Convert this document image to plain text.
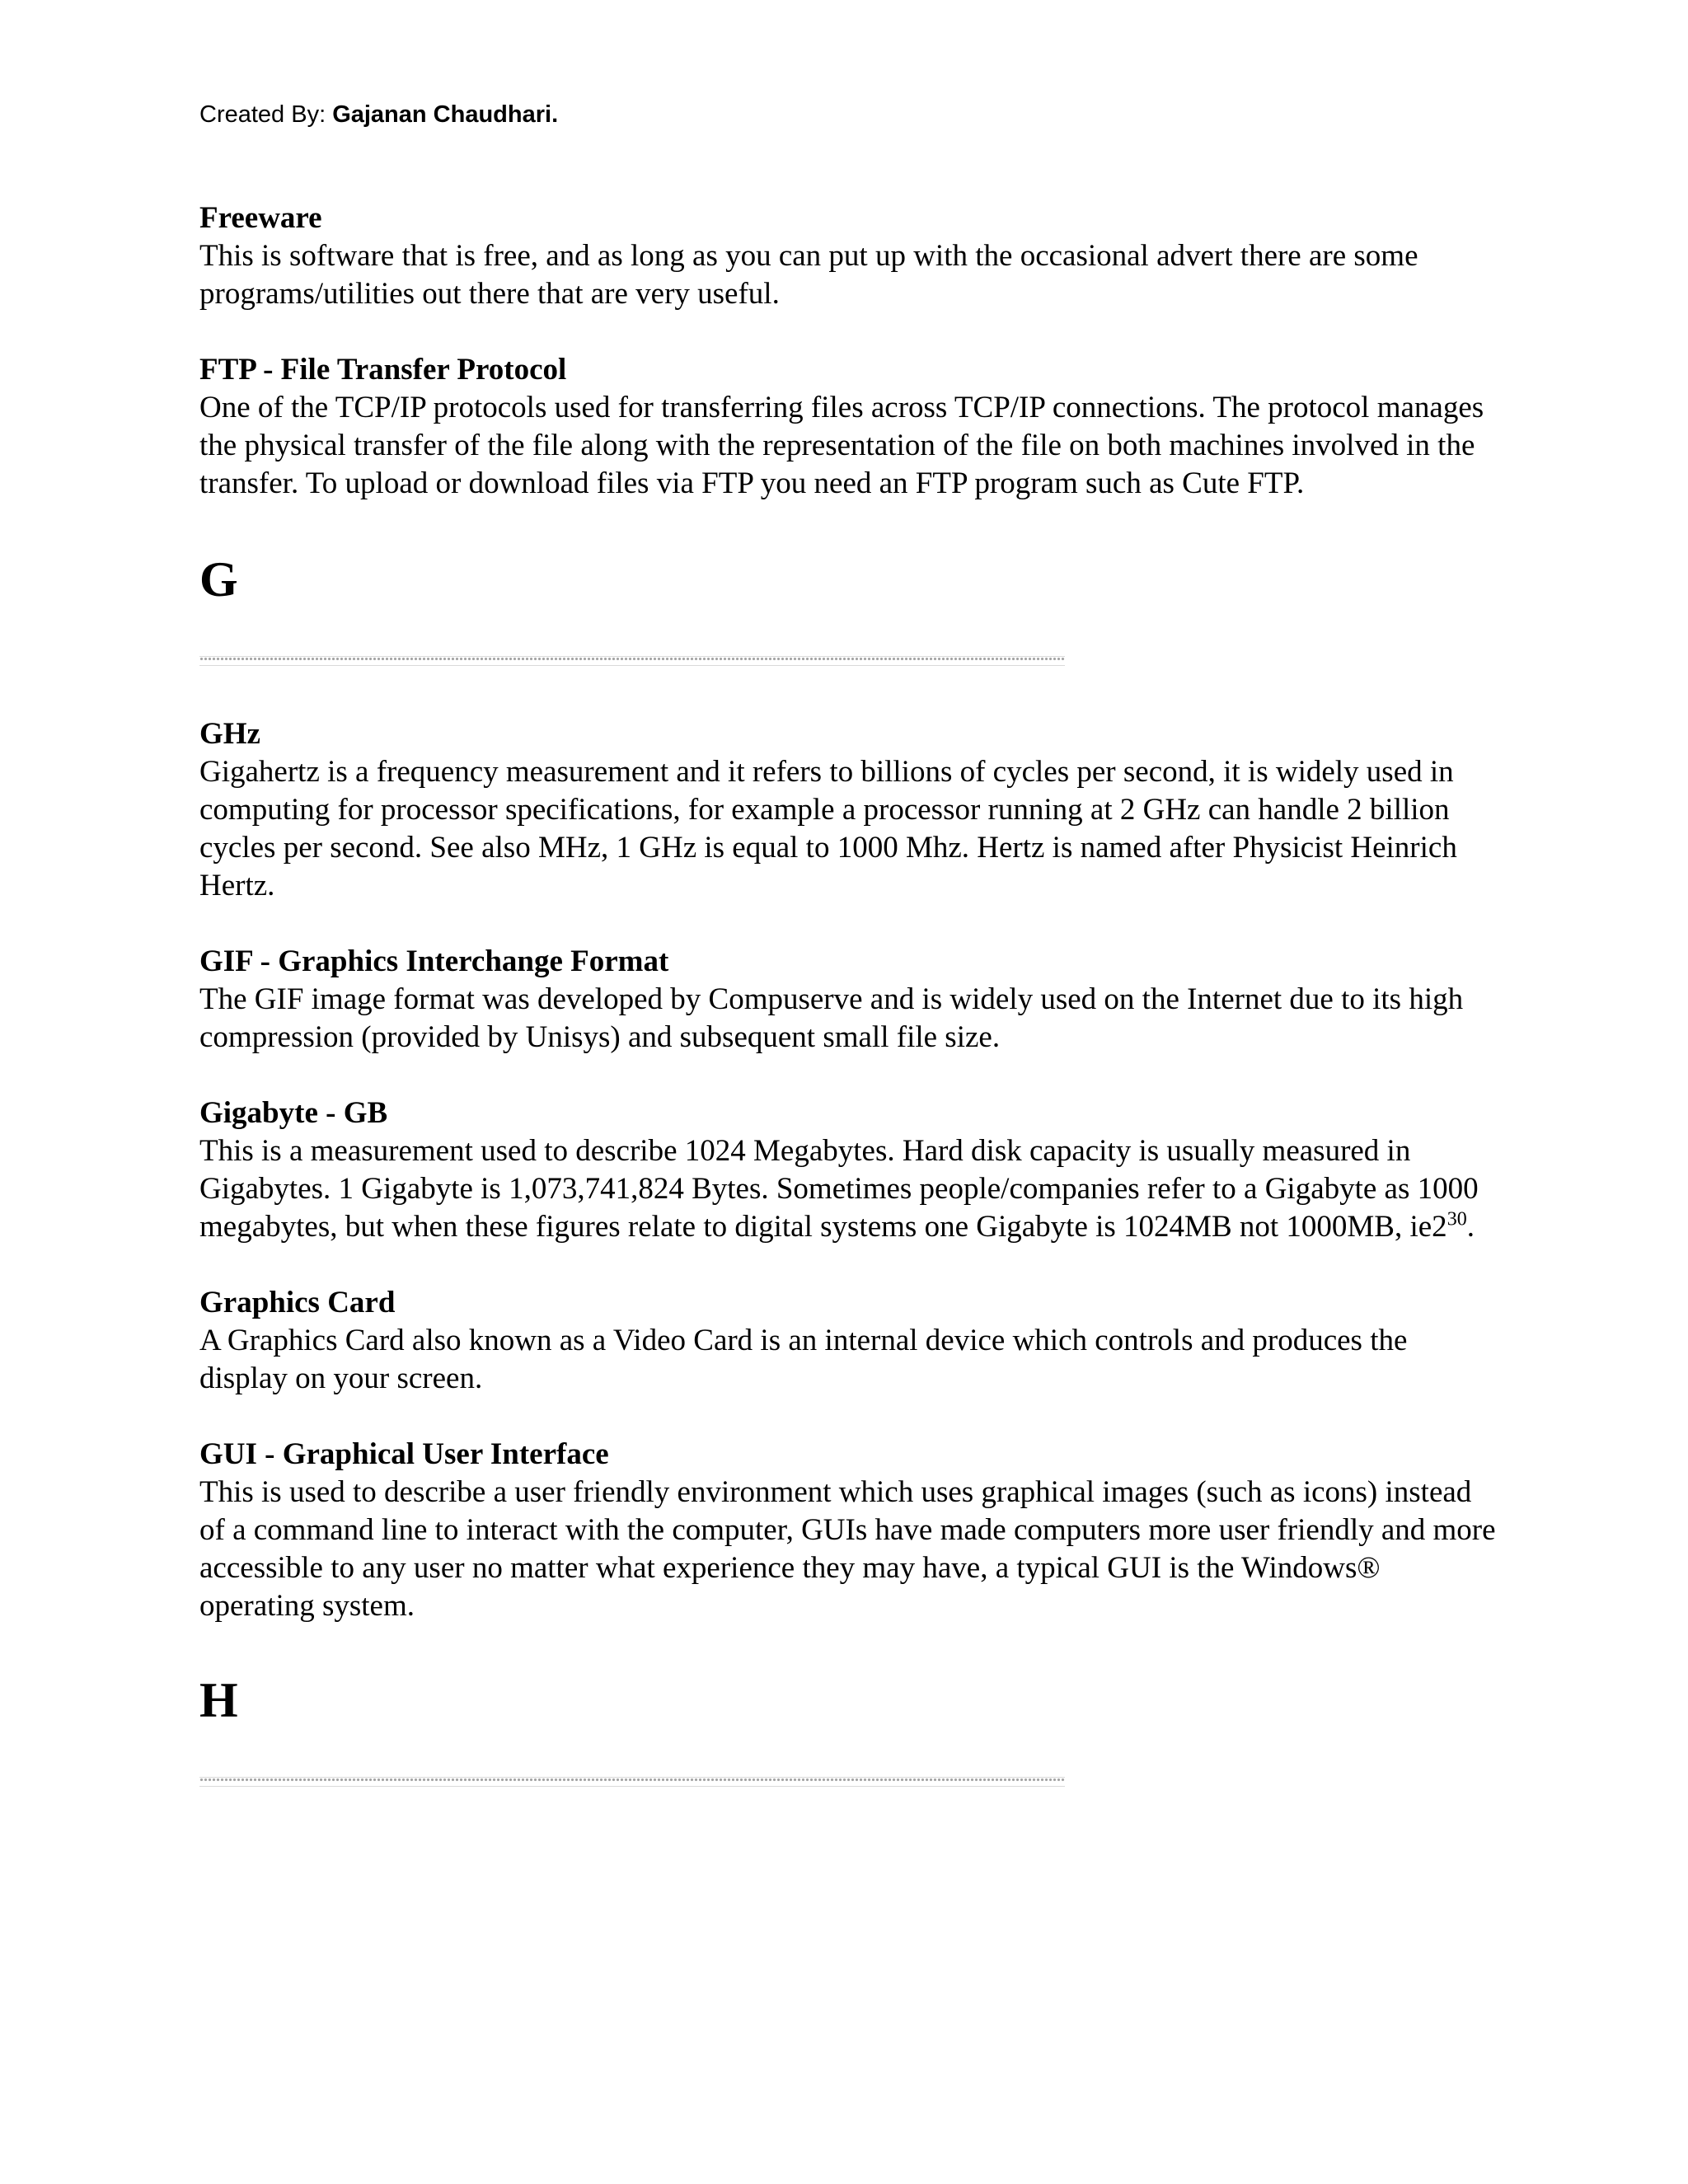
Created By: Gajanan Chaudhari.
Freeware
This is software that is free, and as long as you can put up with the occasional advert there are some programs/utilities out there that are very useful.
FTP - File Transfer Protocol
One of the TCP/IP protocols used for transferring files across TCP/IP connections. The protocol manages the physical transfer of the file along with the representation of the file on both machines involved in the transfer. To upload or download files via FTP you need an FTP program such as Cute FTP.
G
GHz
Gigahertz is a frequency measurement and it refers to billions of cycles per second, it is widely used in computing for processor specifications, for example a processor running at 2 GHz can handle 2 billion cycles per second. See also MHz, 1 GHz is equal to 1000 Mhz. Hertz is named after Physicist Heinrich Hertz.
GIF - Graphics Interchange Format
The GIF image format was developed by Compuserve and is widely used on the Internet due to its high compression (provided by Unisys) and subsequent small file size.
Gigabyte - GB
This is a measurement used to describe 1024 Megabytes. Hard disk capacity is usually measured in Gigabytes. 1 Gigabyte is 1,073,741,824 Bytes. Sometimes people/companies refer to a Gigabyte as 1000 megabytes, but when these figures relate to digital systems one Gigabyte is 1024MB not 1000MB, $ie2^{30}$.
Graphics Card
A Graphics Card also known as a Video Card is an internal device which controls and produces the display on your screen.
GUI - Graphical User Interface
This is used to describe a user friendly environment which uses graphical images (such as icons) instead of a command line to interact with the computer, GUIs have made computers more user friendly and more accessible to any user no matter what experience they may have, a typical GUI is the Windows® operating system.
H
